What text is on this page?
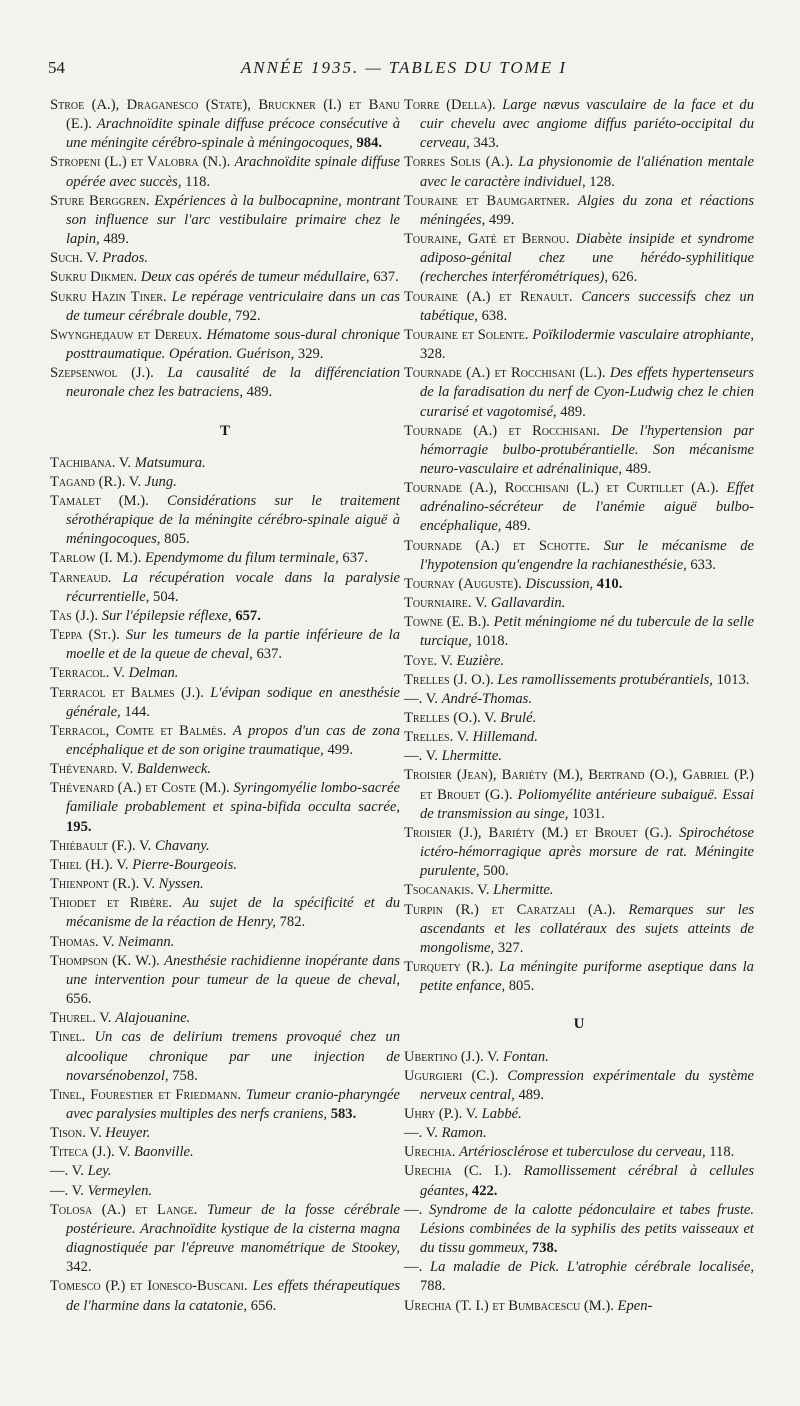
54	ANNÉE 1935. — TABLES DU TOME I

Stroe (A.), Draganesco (State), Bruckner (I.) et Banu (E.). Arachnoïdite spinale diffuse précoce consécutive à une méningite cérébro-spinale à méningocoques, 984.

Stropeni (L.) et Valobra (N.). Arachnoïdite spinale diffuse opérée avec succès, 118.

Sture Berggren. Expériences à la bulbocapnine, montrant son influence sur l'arc vestibulaire primaire chez le lapin, 489.

Such. V. Prados.

Sukru Dikmen. Deux cas opérés de tumeur médullaire, 637.

Sukru Hazin Tiner. Le repérage ventriculaire dans un cas de tumeur cérébrale double, 792.

Swyngheдauw et Dereux. Hématome sous-dural chronique posttraumatique. Opération. Guérison, 329.

Szepsenwol (J.). La causalité de la différenciation neuronale chez les batraciens, 489.

T

Tachibana. V. Matsumura.

Tagand (R.). V. Jung.

Tamalet (M.). Considérations sur le traitement sérothérapique de la méningite cérébro-spinale aiguë à méningocoques, 805.

Tarlow (I. M.). Ependymome du filum terminale, 637.

Tarneaud. La récupération vocale dans la paralysie récurrentielle, 504.

Tas (J.). Sur l'épilepsie réflexe, 657.

Teppa (St.). Sur les tumeurs de la partie inférieure de la moelle et de la queue de cheval, 637.

Terracol. V. Delman.

Terracol et Balmes (J.). L'évipan sodique en anesthésie générale, 144.

Terracol, Comte et Balmès. A propos d'un cas de zona encéphalique et de son origine traumatique, 499.

Thévenard. V. Baldenweck.

Thévenard (A.) et Coste (M.). Syringomyélie lombo-sacrée familiale probablement et spina-bifida occulta sacrée, 195.

Thiébault (F.). V. Chavany.

Thiel (H.). V. Pierre-Bourgeois.

Thienpont (R.). V. Nyssen.

Thiodet et Ribère. Au sujet de la spécificité et du mécanisme de la réaction de Henry, 782.

Thomas. V. Neimann.

Thompson (K. W.). Anesthésie rachidienne inopérante dans une intervention pour tumeur de la queue de cheval, 656.

Thurel. V. Alajouanine.

Tinel. Un cas de delirium tremens provoqué chez un alcoolique chronique par une injection de novarsénobenzol, 758.

Tinel, Fourestier et Friedmann. Tumeur cranio-pharyngée avec paralysies multiples des nerfs craniens, 583.

Tison. V. Heuyer.

Titeca (J.). V. Baonville.

—. V. Ley.

—. V. Vermeylen.

Tolosa (A.) et Lange. Tumeur de la fosse cérébrale postérieure. Arachnoïdite kystique de la cisterna magna diagnostiquée par l'épreuve manométrique de Stookey, 342.

Tomesco (P.) et Ionesco-Buscani. Les effets thérapeutiques de l'harmine dans la catatonie, 656.

Torre (Della). Large nævus vasculaire de la face et du cuir chevelu avec angiome diffus pariéto-occipital du cerveau, 343.

Torres Solis (A.). La physionomie de l'aliénation mentale avec le caractère individuel, 128.

Touraine et Baumgartner. Algies du zona et réactions méningées, 499.

Touraine, Gaté et Bernou. Diabète insipide et syndrome adiposo-génital chez une hérédo-syphilitique (recherches interférométriques), 626.

Touraine (A.) et Renault. Cancers successifs chez un tabétique, 638.

Touraine et Solente. Poïkilodermie vasculaire atrophiante, 328.

Tournade (A.) et Rocchisani (L.). Des effets hypertenseurs de la faradisation du nerf de Cyon-Ludwig chez le chien curarisé et vagotomisé, 489.

Tournade (A.) et Rocchisani. De l'hypertension par hémorragie bulbo-protubérantielle. Son mécanisme neuro-vasculaire et adrénalinique, 489.

Tournade (A.), Rocchisani (L.) et Curtillet (A.). Effet adrénalino-sécréteur de l'anémie aiguë bulbo-encéphalique, 489.

Tournade (A.) et Schotte. Sur le mécanisme de l'hypotension qu'engendre la rachianesthésie, 633.

Tournay (Auguste). Discussion, 410.

Tourniaire. V. Gallavardin.

Towne (E. B.). Petit méningiome né du tubercule de la selle turcique, 1018.

Toye. V. Euzière.

Trelles (J. O.). Les ramollissements protubérantiels, 1013.

—. V. André-Thomas.

Trelles (O.). V. Brulé.

Trelles. V. Hillemand.

—. V. Lhermitte.

Troisier (Jean), Bariéty (M.), Bertrand (O.), Gabriel (P.) et Brouet (G.). Poliomyélite antérieure subaiguë. Essai de transmission au singe, 1031.

Troisier (J.), Bariéty (M.) et Brouet (G.). Spirochétose ictéro-hémorragique après morsure de rat. Méningite purulente, 500.

Tsocanakis. V. Lhermitte.

Turpin (R.) et Caratzali (A.). Remarques sur les ascendants et les collatéraux des sujets atteints de mongolisme, 327.

Turquety (R.). La méningite puriforme aseptique dans la petite enfance, 805.

U

Ubertino (J.). V. Fontan.

Ugurgieri (C.). Compression expérimentale du système nerveux central, 489.

Uhry (P.). V. Labbé.

—. V. Ramon.

Urechia. Artériosclérose et tuberculose du cerveau, 118.

Urechia (C. I.). Ramollissement cérébral à cellules géantes, 422.

—. Syndrome de la calotte pédonculaire et tabes fruste. Lésions combinées de la syphilis des petits vaisseaux et du tissu gommeux, 738.

—. La maladie de Pick. L'atrophie cérébrale localisée, 788.

Urechia (T. I.) et Bumbacescu (M.). Epen-
